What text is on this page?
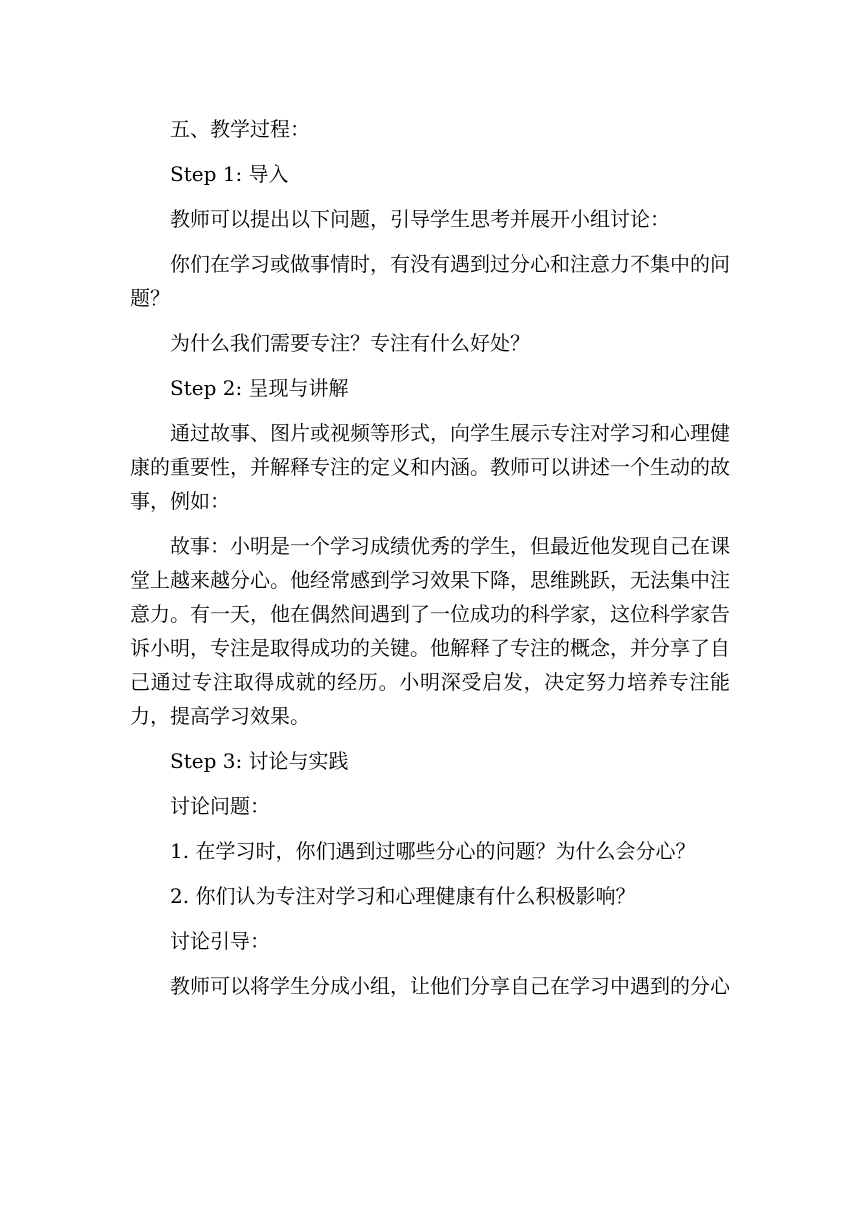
五、教学过程：

Step 1: 导入

教师可以提出以下问题，引导学生思考并展开小组讨论：

你们在学习或做事情时，有没有遇到过分心和注意力不集中的问题？

为什么我们需要专注？专注有什么好处？

Step 2: 呈现与讲解

通过故事、图片或视频等形式，向学生展示专注对学习和心理健康的重要性，并解释专注的定义和内涵。教师可以讲述一个生动的故事，例如：

故事：小明是一个学习成绩优秀的学生，但最近他发现自己在课堂上越来越分心。他经常感到学习效果下降，思维跳跃，无法集中注意力。有一天，他在偶然间遇到了一位成功的科学家，这位科学家告诉小明，专注是取得成功的关键。他解释了专注的概念，并分享了自己通过专注取得成就的经历。小明深受启发，决定努力培养专注能力，提高学习效果。

Step 3: 讨论与实践

讨论问题：

1. 在学习时，你们遇到过哪些分心的问题？为什么会分心？

2. 你们认为专注对学习和心理健康有什么积极影响？

讨论引导：

教师可以将学生分成小组，让他们分享自己在学习中遇到的分心
